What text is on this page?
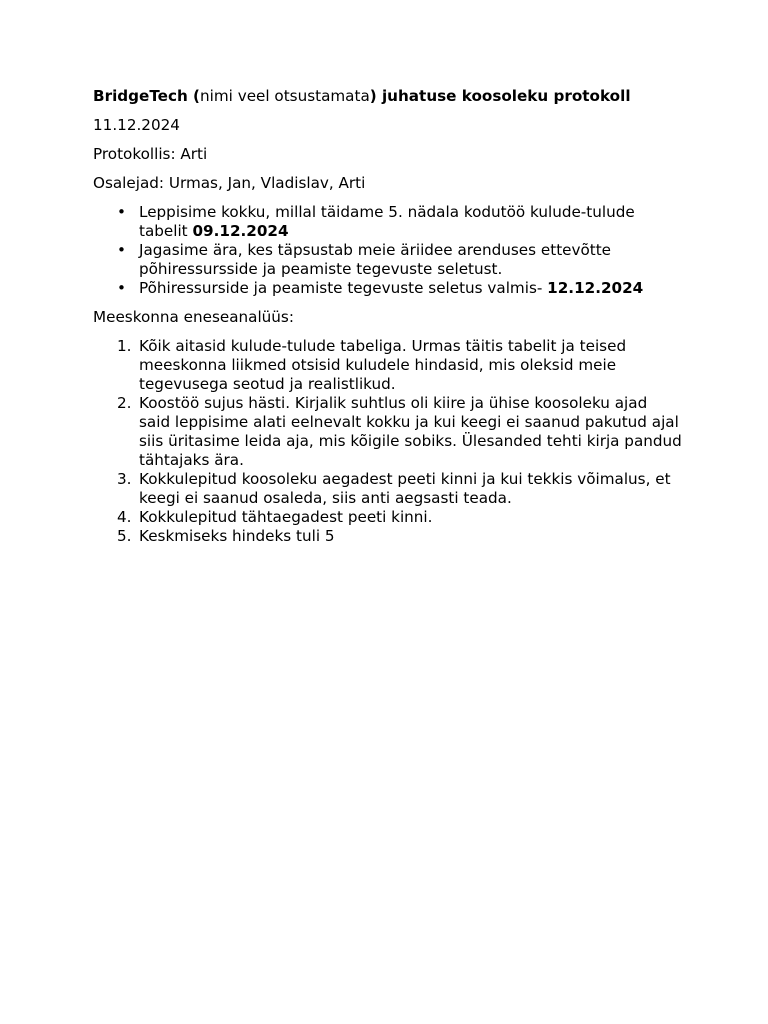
BridgeTech (nimi veel otsustamata) juhatuse koosoleku protokoll

11.12.2024

Protokollis: Arti

Osalejad: Urmas, Jan, Vladislav, Arti

• Leppisime kokku, millal täidame 5. nädala kodutöö kulude-tulude tabelit 09.12.2024
• Jagasime ära, kes täpsustab meie äriidee arenduses ettevõtte põhiressursside ja peamiste tegevuste seletust.
• Põhiressurside ja peamiste tegevuste seletus valmis- 12.12.2024

Meeskonna eneseanalüüs:

1. Kõik aitasid kulude-tulude tabeliga. Urmas täitis tabelit ja teised meeskonna liikmed otsisid kuludele hindasid, mis oleksid meie tegevusega seotud ja realistlikud.
2. Koostöö sujus hästi. Kirjalik suhtlus oli kiire ja ühise koosoleku ajad said leppisime alati eelnevalt kokku ja kui keegi ei saanud pakutud ajal siis üritasime leida aja, mis kõigile sobiks. Ülesanded tehti kirja pandud tähtajaks ära.
3. Kokkulepitud koosoleku aegadest peeti kinni ja kui tekkis võimalus, et keegi ei saanud osaleda, siis anti aegsasti teada.
4. Kokkulepitud tähtaegadest peeti kinni.
5. Keskmiseks hindeks tuli 5
